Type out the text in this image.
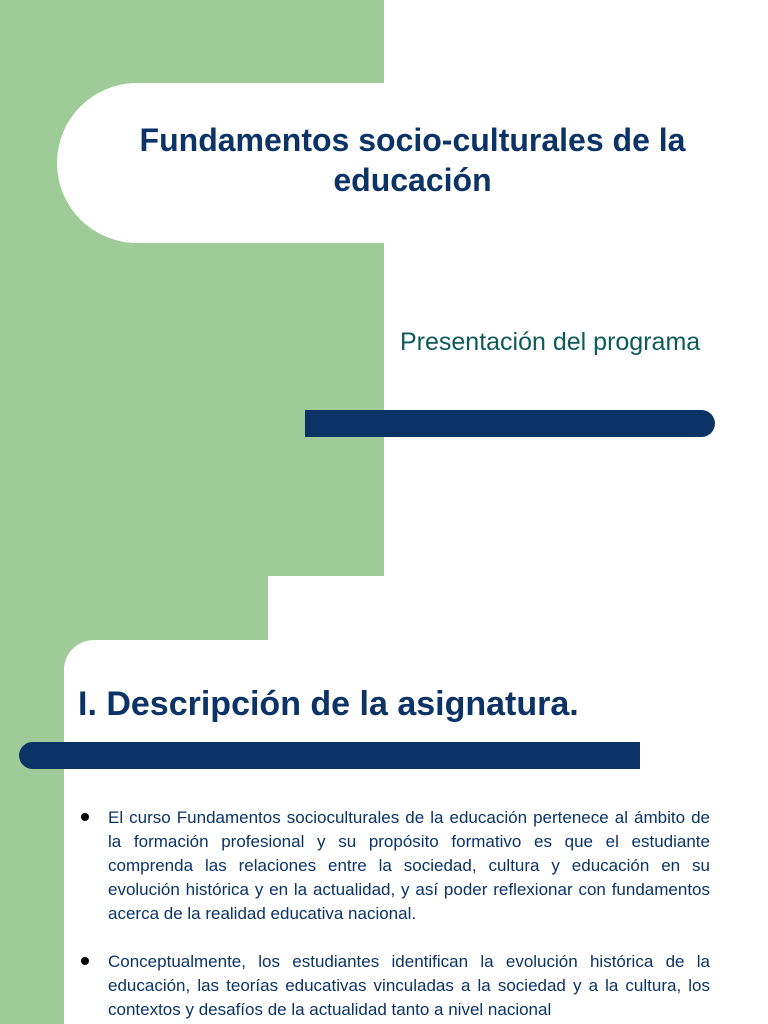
Fundamentos socio-culturales de la educación

Presentación del programa

I. Descripción de la asignatura.
El curso Fundamentos socioculturales de la educación pertenece al ámbito de la formación profesional y su propósito formativo es que el estudiante comprenda las relaciones entre la sociedad, cultura y educación en su evolución histórica y en la actualidad, y así poder reflexionar con fundamentos acerca de la realidad educativa nacional.
Conceptualmente, los estudiantes identifican la evolución histórica de la educación, las teorías educativas vinculadas a la sociedad y a la cultura, los contextos y desafíos de la actualidad tanto a nivel nacional
